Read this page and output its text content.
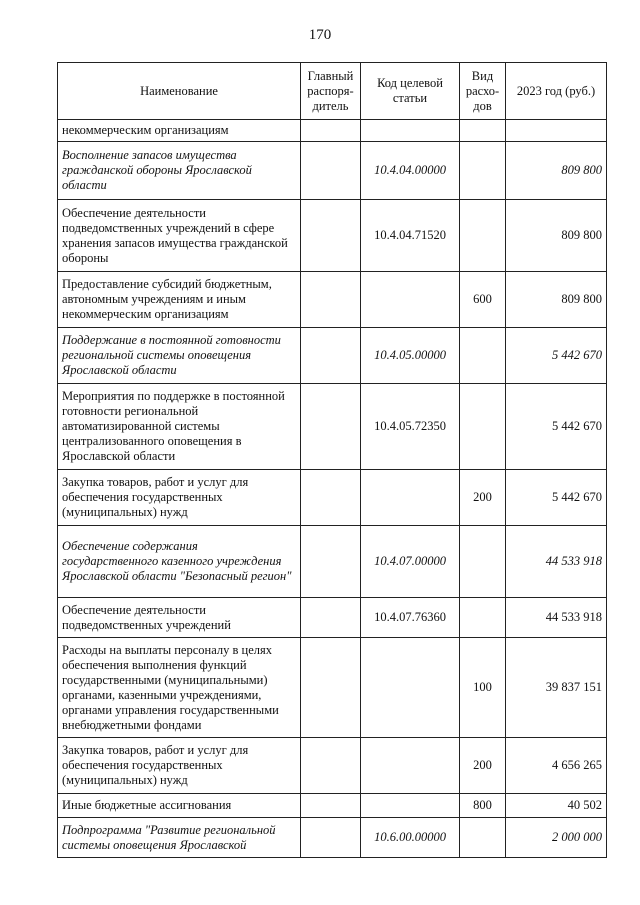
170
Наименование	Главный распоря-дитель	Код целевой статьи	Вид расхо-дов	2023 год (руб.)
некоммерческим организациям				
Восполнение запасов имущества гражданской обороны Ярославской области		10.4.04.00000		809 800
Обеспечение деятельности подведомственных учреждений в сфере хранения запасов имущества гражданской обороны		10.4.04.71520		809 800
Предоставление субсидий бюджетным, автономным учреждениям и иным некоммерческим организациям			600	809 800
Поддержание в постоянной готовности региональной системы оповещения Ярославской области		10.4.05.00000		5 442 670
Мероприятия по поддержке в постоянной готовности региональной автоматизированной системы централизованного оповещения в Ярославской области		10.4.05.72350		5 442 670
Закупка товаров, работ и услуг для обеспечения государственных (муниципальных) нужд			200	5 442 670
Обеспечение содержания государственного казенного учреждения Ярославской области "Безопасный регион"		10.4.07.00000		44 533 918
Обеспечение деятельности подведомственных учреждений		10.4.07.76360		44 533 918
Расходы на выплаты персоналу в целях обеспечения выполнения функций государственными (муниципальными) органами, казенными учреждениями, органами управления государственными внебюджетными фондами			100	39 837 151
Закупка товаров, работ и услуг для обеспечения государственных (муниципальных) нужд			200	4 656 265
Иные бюджетные ассигнования			800	40 502
Подпрограмма "Развитие региональной системы оповещения Ярославской		10.6.00.00000		2 000 000
